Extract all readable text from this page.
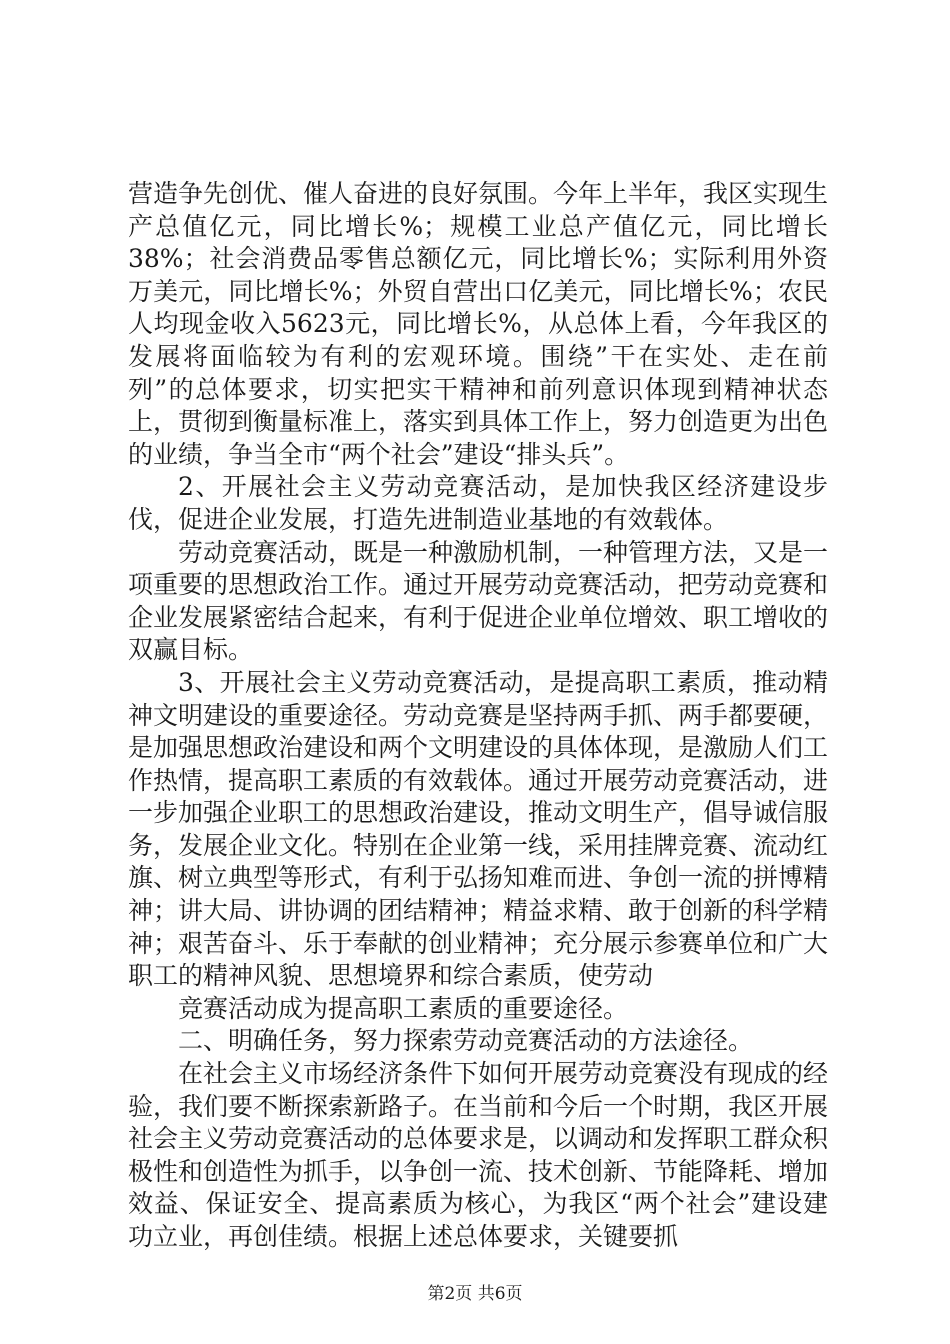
营造争先创优、催人奋进的良好氛围。今年上半年，我区实现生产总值亿元，同比增长%；规模工业总产值亿元，同比增长38%；社会消费品零售总额亿元，同比增长%；实际利用外资万美元，同比增长%；外贸自营出口亿美元，同比增长%；农民人均现金收入5623元，同比增长%，从总体上看，今年我区的发展将面临较为有利的宏观环境。围绕”干在实处、走在前列”的总体要求，切实把实干精神和前列意识体现到精神状态上，贯彻到衡量标准上，落实到具体工作上，努力创造更为出色的业绩，争当全市“两个社会”建设“排头兵”。

2、开展社会主义劳动竞赛活动，是加快我区经济建设步伐，促进企业发展，打造先进制造业基地的有效载体。

劳动竞赛活动，既是一种激励机制，一种管理方法，又是一项重要的思想政治工作。通过开展劳动竞赛活动，把劳动竞赛和企业发展紧密结合起来，有利于促进企业单位增效、职工增收的双赢目标。

3、开展社会主义劳动竞赛活动，是提高职工素质，推动精神文明建设的重要途径。劳动竞赛是坚持两手抓、两手都要硬，是加强思想政治建设和两个文明建设的具体体现，是激励人们工作热情，提高职工素质的有效载体。通过开展劳动竞赛活动，进一步加强企业职工的思想政治建设，推动文明生产，倡导诚信服务，发展企业文化。特别在企业第一线，采用挂牌竞赛、流动红旗、树立典型等形式，有利于弘扬知难而进、争创一流的拼博精神；讲大局、讲协调的团结精神；精益求精、敢于创新的科学精神；艰苦奋斗、乐于奉献的创业精神；充分展示参赛单位和广大职工的精神风貌、思想境界和综合素质，使劳动

竞赛活动成为提高职工素质的重要途径。

二、明确任务，努力探索劳动竞赛活动的方法途径。

在社会主义市场经济条件下如何开展劳动竞赛没有现成的经验，我们要不断探索新路子。在当前和今后一个时期，我区开展社会主义劳动竞赛活动的总体要求是，以调动和发挥职工群众积极性和创造性为抓手，以争创一流、技术创新、节能降耗、增加效益、保证安全、提高素质为核心，为我区“两个社会”建设建功立业，再创佳绩。根据上述总体要求，关键要抓

第2页 共6页
